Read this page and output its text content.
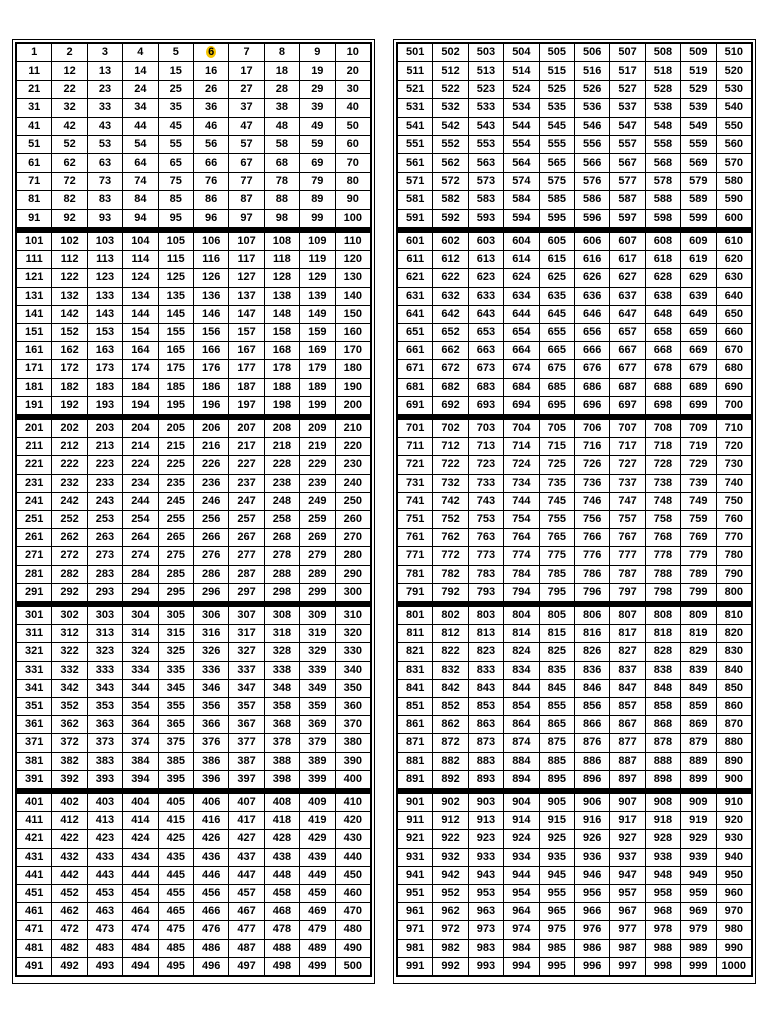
1	2	3	4	5	6	7	8	9	10
11	12	13	14	15	16	17	18	19	20
21	22	23	24	25	26	27	28	29	30
31	32	33	34	35	36	37	38	39	40
41	42	43	44	45	46	47	48	49	50
51	52	53	54	55	56	57	58	59	60
61	62	63	64	65	66	67	68	69	70
71	72	73	74	75	76	77	78	79	80
81	82	83	84	85	86	87	88	89	90
91	92	93	94	95	96	97	98	99	100
101	102	103	104	105	106	107	108	109	110
111	112	113	114	115	116	117	118	119	120
121	122	123	124	125	126	127	128	129	130
131	132	133	134	135	136	137	138	139	140
141	142	143	144	145	146	147	148	149	150
151	152	153	154	155	156	157	158	159	160
161	162	163	164	165	166	167	168	169	170
171	172	173	174	175	176	177	178	179	180
181	182	183	184	185	186	187	188	189	190
191	192	193	194	195	196	197	198	199	200
201	202	203	204	205	206	207	208	209	210
211	212	213	214	215	216	217	218	219	220
221	222	223	224	225	226	227	228	229	230
231	232	233	234	235	236	237	238	239	240
241	242	243	244	245	246	247	248	249	250
251	252	253	254	255	256	257	258	259	260
261	262	263	264	265	266	267	268	269	270
271	272	273	274	275	276	277	278	279	280
281	282	283	284	285	286	287	288	289	290
291	292	293	294	295	296	297	298	299	300
301	302	303	304	305	306	307	308	309	310
311	312	313	314	315	316	317	318	319	320
321	322	323	324	325	326	327	328	329	330
331	332	333	334	335	336	337	338	339	340
341	342	343	344	345	346	347	348	349	350
351	352	353	354	355	356	357	358	359	360
361	362	363	364	365	366	367	368	369	370
371	372	373	374	375	376	377	378	379	380
381	382	383	384	385	386	387	388	389	390
391	392	393	394	395	396	397	398	399	400
401	402	403	404	405	406	407	408	409	410
411	412	413	414	415	416	417	418	419	420
421	422	423	424	425	426	427	428	429	430
431	432	433	434	435	436	437	438	439	440
441	442	443	444	445	446	447	448	449	450
451	452	453	454	455	456	457	458	459	460
461	462	463	464	465	466	467	468	469	470
471	472	473	474	475	476	477	478	479	480
481	482	483	484	485	486	487	488	489	490
491	492	493	494	495	496	497	498	499	500
501	502	503	504	505	506	507	508	509	510
511	512	513	514	515	516	517	518	519	520
521	522	523	524	525	526	527	528	529	530
531	532	533	534	535	536	537	538	539	540
541	542	543	544	545	546	547	548	549	550
551	552	553	554	555	556	557	558	559	560
561	562	563	564	565	566	567	568	569	570
571	572	573	574	575	576	577	578	579	580
581	582	583	584	585	586	587	588	589	590
591	592	593	594	595	596	597	598	599	600
601	602	603	604	605	606	607	608	609	610
611	612	613	614	615	616	617	618	619	620
621	622	623	624	625	626	627	628	629	630
631	632	633	634	635	636	637	638	639	640
641	642	643	644	645	646	647	648	649	650
651	652	653	654	655	656	657	658	659	660
661	662	663	664	665	666	667	668	669	670
671	672	673	674	675	676	677	678	679	680
681	682	683	684	685	686	687	688	689	690
691	692	693	694	695	696	697	698	699	700
701	702	703	704	705	706	707	708	709	710
711	712	713	714	715	716	717	718	719	720
721	722	723	724	725	726	727	728	729	730
731	732	733	734	735	736	737	738	739	740
741	742	743	744	745	746	747	748	749	750
751	752	753	754	755	756	757	758	759	760
761	762	763	764	765	766	767	768	769	770
771	772	773	774	775	776	777	778	779	780
781	782	783	784	785	786	787	788	789	790
791	792	793	794	795	796	797	798	799	800
801	802	803	804	805	806	807	808	809	810
811	812	813	814	815	816	817	818	819	820
821	822	823	824	825	826	827	828	829	830
831	832	833	834	835	836	837	838	839	840
841	842	843	844	845	846	847	848	849	850
851	852	853	854	855	856	857	858	859	860
861	862	863	864	865	866	867	868	869	870
871	872	873	874	875	876	877	878	879	880
881	882	883	884	885	886	887	888	889	890
891	892	893	894	895	896	897	898	899	900
901	902	903	904	905	906	907	908	909	910
911	912	913	914	915	916	917	918	919	920
921	922	923	924	925	926	927	928	929	930
931	932	933	934	935	936	937	938	939	940
941	942	943	944	945	946	947	948	949	950
951	952	953	954	955	956	957	958	959	960
961	962	963	964	965	966	967	968	969	970
971	972	973	974	975	976	977	978	979	980
981	982	983	984	985	986	987	988	989	990
991	992	993	994	995	996	997	998	999	1000
